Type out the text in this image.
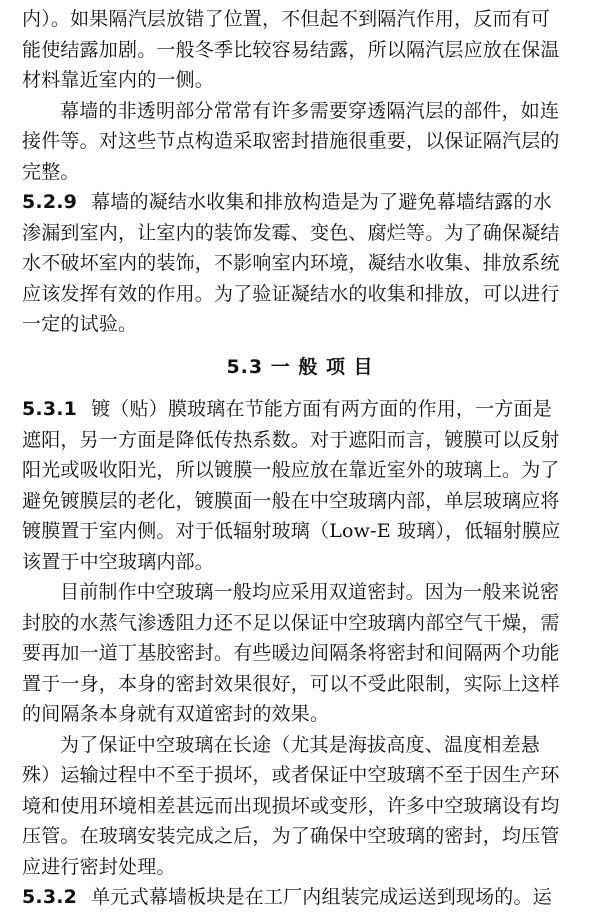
内）。如果隔汽层放错了位置，不但起不到隔汽作用，反而有可
能使结露加剧。一般冬季比较容易结露，所以隔汽层应放在保温
材料靠近室内的一侧。
幕墙的非透明部分常常有许多需要穿透隔汽层的部件，如连
接件等。对这些节点构造采取密封措施很重要，以保证隔汽层的
完整。
5.2.9 幕墙的凝结水收集和排放构造是为了避免幕墙结露的水
渗漏到室内，让室内的装饰发霉、变色、腐烂等。为了确保凝结
水不破坏室内的装饰，不影响室内环境，凝结水收集、排放系统
应该发挥有效的作用。为了验证凝结水的收集和排放，可以进行
一定的试验。
5.3 一 般 项 目
5.3.1 镀（贴）膜玻璃在节能方面有两方面的作用，一方面是
遮阳，另一方面是降低传热系数。对于遮阳而言，镀膜可以反射
阳光或吸收阳光，所以镀膜一般应放在靠近室外的玻璃上。为了
避免镀膜层的老化，镀膜面一般在中空玻璃内部，单层玻璃应将
镀膜置于室内侧。对于低辐射玻璃（Low-E 玻璃），低辐射膜应
该置于中空玻璃内部。
目前制作中空玻璃一般均应采用双道密封。因为一般来说密
封胶的水蒸气渗透阻力还不足以保证中空玻璃内部空气干燥，需
要再加一道丁基胶密封。有些暖边间隔条将密封和间隔两个功能
置于一身，本身的密封效果很好，可以不受此限制，实际上这样
的间隔条本身就有双道密封的效果。
为了保证中空玻璃在长途（尤其是海拔高度、温度相差悬
殊）运输过程中不至于损坏，或者保证中空玻璃不至于因生产环
境和使用环境相差甚远而出现损坏或变形，许多中空玻璃设有均
压管。在玻璃安装完成之后，为了确保中空玻璃的密封，均压管
应进行密封处理。
5.3.2 单元式幕墙板块是在工厂内组装完成运送到现场的。运
